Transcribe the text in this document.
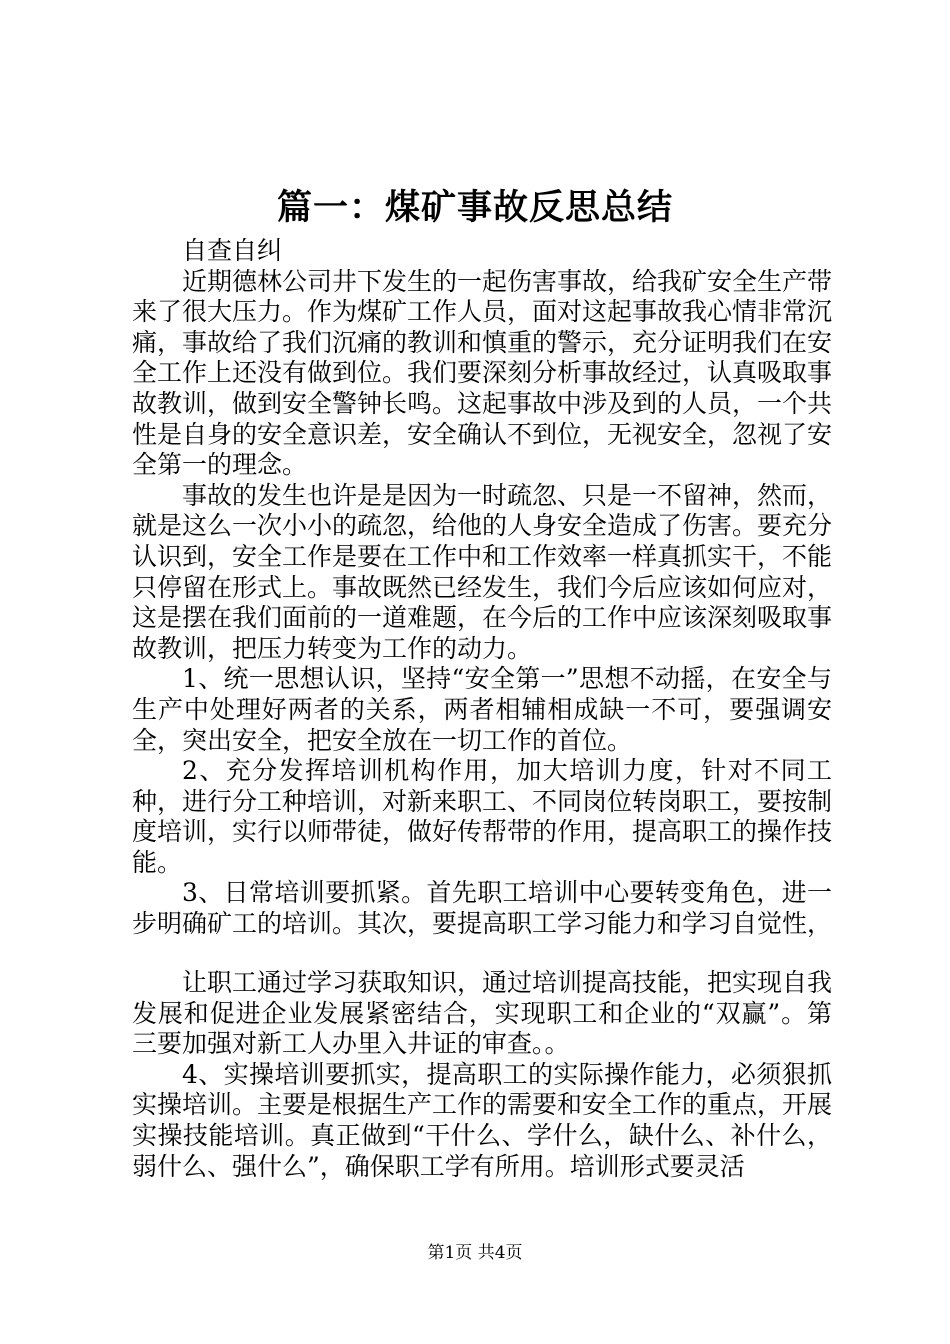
篇一：煤矿事故反思总结

自查自纠

近期德林公司井下发生的一起伤害事故，给我矿安全生产带来了很大压力。作为煤矿工作人员，面对这起事故我心情非常沉痛，事故给了我们沉痛的教训和慎重的警示，充分证明我们在安全工作上还没有做到位。我们要深刻分析事故经过，认真吸取事故教训，做到安全警钟长鸣。这起事故中涉及到的人员，一个共性是自身的安全意识差，安全确认不到位，无视安全，忽视了安全第一的理念。

事故的发生也许是是因为一时疏忽、只是一不留神，然而，就是这么一次小小的疏忽，给他的人身安全造成了伤害。要充分认识到，安全工作是要在工作中和工作效率一样真抓实干，不能只停留在形式上。事故既然已经发生，我们今后应该如何应对，这是摆在我们面前的一道难题，在今后的工作中应该深刻吸取事故教训，把压力转变为工作的动力。

1、统一思想认识，坚持“安全第一”思想不动摇，在安全与生产中处理好两者的关系，两者相辅相成缺一不可，要强调安全，突出安全，把安全放在一切工作的首位。

2、充分发挥培训机构作用，加大培训力度，针对不同工种，进行分工种培训，对新来职工、不同岗位转岗职工，要按制度培训，实行以师带徒，做好传帮带的作用，提高职工的操作技能。

3、日常培训要抓紧。首先职工培训中心要转变角色，进一步明确矿工的培训。其次，要提高职工学习能力和学习自觉性，

让职工通过学习获取知识，通过培训提高技能，把实现自我发展和促进企业发展紧密结合，实现职工和企业的“双赢”。第三要加强对新工人办里入井证的审查。。

4、实操培训要抓实，提高职工的实际操作能力，必须狠抓实操培训。主要是根据生产工作的需要和安全工作的重点，开展实操技能培训。真正做到“干什么、学什么，缺什么、补什么，弱什么、强什么”，确保职工学有所用。培训形式要灵活

第1页 共4页
